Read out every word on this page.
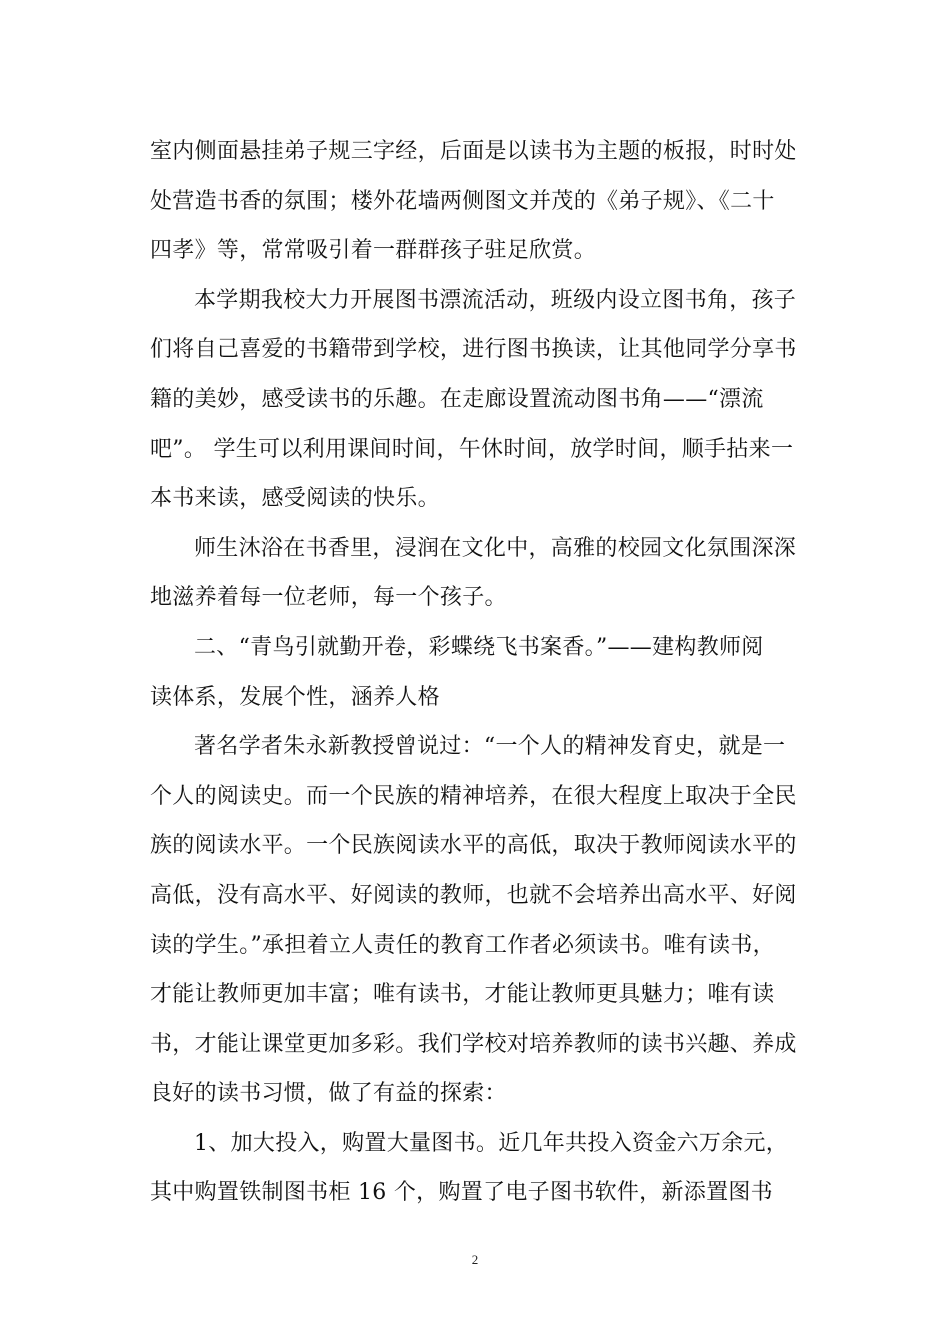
室内侧面悬挂弟子规三字经，后面是以读书为主题的板报，时时处
处营造书香的氛围；楼外花墙两侧图文并茂的《弟子规》、《二十
四孝》等，常常吸引着一群群孩子驻足欣赏。
本学期我校大力开展图书漂流活动，班级内设立图书角，孩子
们将自己喜爱的书籍带到学校，进行图书换读，让其他同学分享书
籍的美妙，感受读书的乐趣。在走廊设置流动图书角——“漂流
吧”。 学生可以利用课间时间，午休时间，放学时间，顺手拈来一
本书来读，感受阅读的快乐。
师生沐浴在书香里，浸润在文化中，高雅的校园文化氛围深深
地滋养着每一位老师，每一个孩子。
二、“青鸟引就勤开卷，彩蝶绕飞书案香。”——建构教师阅
读体系，发展个性，涵养人格
著名学者朱永新教授曾说过：“一个人的精神发育史，就是一
个人的阅读史。而一个民族的精神培养，在很大程度上取决于全民
族的阅读水平。一个民族阅读水平的高低，取决于教师阅读水平的
高低，没有高水平、好阅读的教师，也就不会培养出高水平、好阅
读的学生。”承担着立人责任的教育工作者必须读书。唯有读书，
才能让教师更加丰富；唯有读书，才能让教师更具魅力；唯有读
书，才能让课堂更加多彩。我们学校对培养教师的读书兴趣、养成
良好的读书习惯，做了有益的探索：
1、加大投入，购置大量图书。近几年共投入资金六万余元，
其中购置铁制图书柜 16 个，购置了电子图书软件，新添置图书
2
